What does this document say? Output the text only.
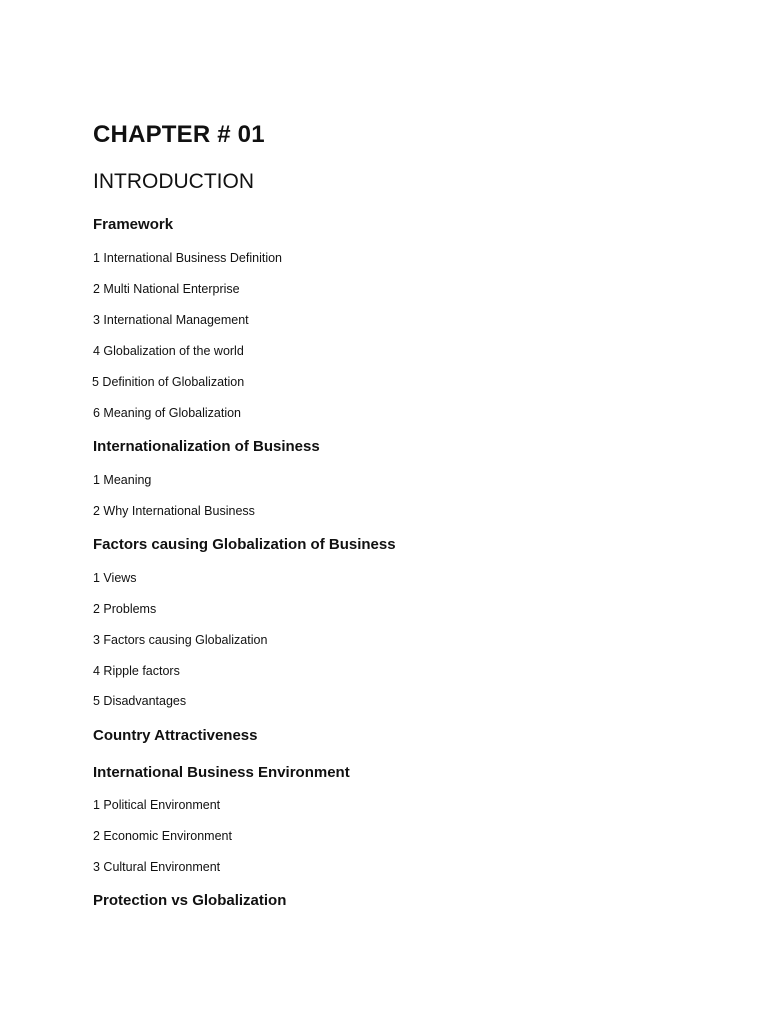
CHAPTER # 01
INTRODUCTION
Framework
1 International Business Definition
2 Multi National Enterprise
3 International Management
4 Globalization of the world
5 Definition of Globalization
6 Meaning of Globalization
Internationalization of Business
1 Meaning
2 Why International Business
Factors causing Globalization of Business
1 Views
2 Problems
3 Factors causing Globalization
4 Ripple factors
5 Disadvantages
Country Attractiveness
International Business Environment
1 Political Environment
2 Economic Environment
3 Cultural Environment
Protection vs Globalization
